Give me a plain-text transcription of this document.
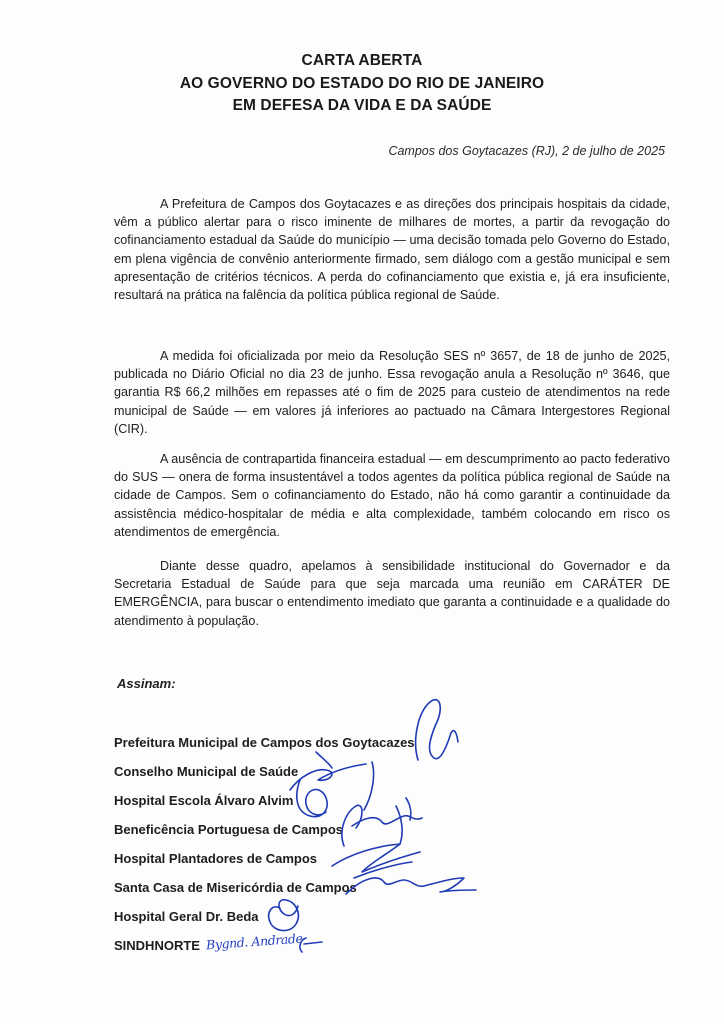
CARTA ABERTA
AO GOVERNO DO ESTADO DO RIO DE JANEIRO
EM DEFESA DA VIDA E DA SAÚDE
Campos dos Goytacazes (RJ), 2 de julho de 2025

A Prefeitura de Campos dos Goytacazes e as direções dos principais hospitais da cidade, vêm a público alertar para o risco iminente de milhares de mortes, a partir da revogação do cofinanciamento estadual da Saúde do município — uma decisão tomada pelo Governo do Estado, em plena vigência de convênio anteriormente firmado, sem diálogo com a gestão municipal e sem apresentação de critérios técnicos. A perda do cofinanciamento que existia e, já era insuficiente, resultará na prática na falência da política pública regional de Saúde.

A medida foi oficializada por meio da Resolução SES nº 3657, de 18 de junho de 2025, publicada no Diário Oficial no dia 23 de junho. Essa revogação anula a Resolução nº 3646, que garantia R$ 66,2 milhões em repasses até o fim de 2025 para custeio de atendimentos na rede municipal de Saúde — em valores já inferiores ao pactuado na Câmara Intergestores Regional (CIR).

A ausência de contrapartida financeira estadual — em descumprimento ao pacto federativo do SUS — onera de forma insustentável a todos agentes da política pública regional de Saúde na cidade de Campos. Sem o cofinanciamento do Estado, não há como garantir a continuidade da assistência médico-hospitalar de média e alta complexidade, também colocando em risco os atendimentos de emergência.

Diante desse quadro, apelamos à sensibilidade institucional do Governador e da Secretaria Estadual de Saúde para que seja marcada uma reunião em CARÁTER DE EMERGÊNCIA, para buscar o entendimento imediato que garanta a continuidade e a qualidade do atendimento à população.

Assinam:
Prefeitura Municipal de Campos dos Goytacazes
Conselho Municipal de Saúde
Hospital Escola Álvaro Alvim
Beneficência Portuguesa de Campos
Hospital Plantadores de Campos
Santa Casa de Misericórdia de Campos
Hospital Geral Dr. Beda
SINDHNORTE Bygnd. Andrade
